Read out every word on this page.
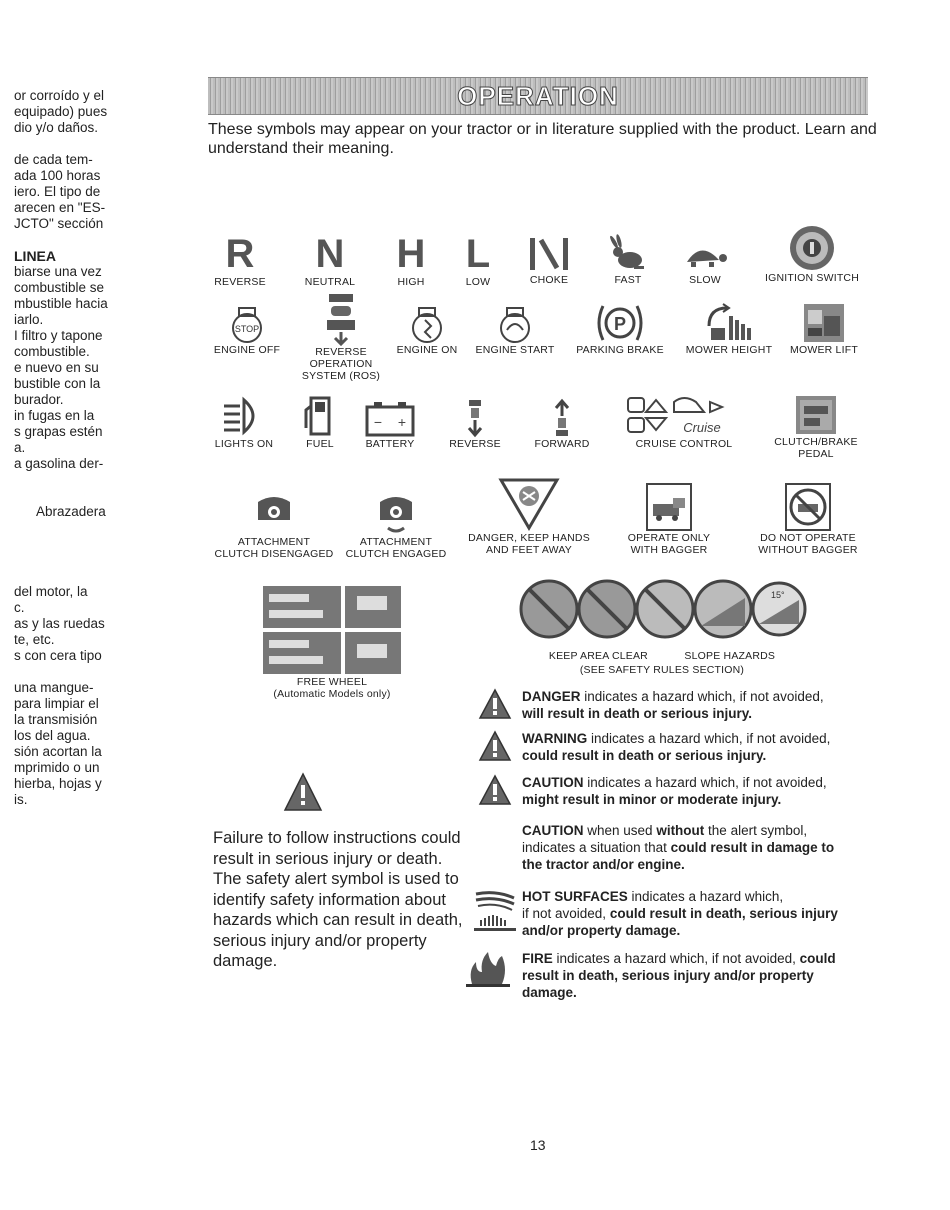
or corroído y el
equipado) pues
dio y/o daños.
de cada tem-
ada 100 horas
iero. El tipo de
arecen en "ES-
JCTO" sección
LINEA
biarse una vez
combustible se
mbustible hacia
iarlo.
I filtro y tapone
combustible.
e nuevo en su
bustible con la
burador.
in fugas en la
s grapas estén
a.
a gasolina der-
Abrazadera
del motor, la
c.
as y las ruedas
te, etc.
s con cera tipo
una mangue-
para limpiar el
la transmisión
los del agua.
sión acortan la
mprimido o un
hierba, hojas y
is.
OPERATION
These symbols may appear on your tractor or in literature supplied with the product. Learn and understand their meaning.
R
REVERSE
N
NEUTRAL
H
HIGH
L
LOW	CHOKE	FAST	SLOW	IGNITION SWITCH
STOP
ENGINE OFF	REVERSE
OPERATION
SYSTEM (ROS)
ENGINE ON	ENGINE START
P
PARKING BRAKE	MOWER HEIGHT	MOWER LIFT
LIGHTS ON	FUEL
− +
BATTERY	REVERSE	FORWARD
Cruise
CRUISE CONTROL	CLUTCH/BRAKE
PEDAL
ATTACHMENT
CLUTCH DISENGAGED
ATTACHMENT
CLUTCH ENGAGED
DANGER, KEEP HANDS
AND FEET AWAY
OPERATE ONLY
WITH BAGGER
DO NOT OPERATE
WITHOUT BAGGER
FREE WHEEL
(Automatic Models only)
15°
KEEP AREA CLEAR	SLOPE HAZARDS
(SEE SAFETY RULES SECTION)
DANGER indicates a hazard which, if not avoided,
will result in death or serious injury.
WARNING indicates a hazard which, if not avoided,
could result in death or serious injury.
CAUTION indicates a hazard which, if not avoided,
might result in minor or moderate injury.
CAUTION when used without the alert symbol, indicates a situation that could result in damage to the tractor and/or engine.
HOT SURFACES indicates a hazard which,
if not avoided, could result in death, serious injury and/or property damage.
FIRE indicates a hazard which, if not avoided, could result in death, serious injury and/or property damage.
Failure to follow instructions could result in serious injury or death. The safety alert symbol is used to identify safety information about hazards which can result in death, serious injury and/or property damage.
13
